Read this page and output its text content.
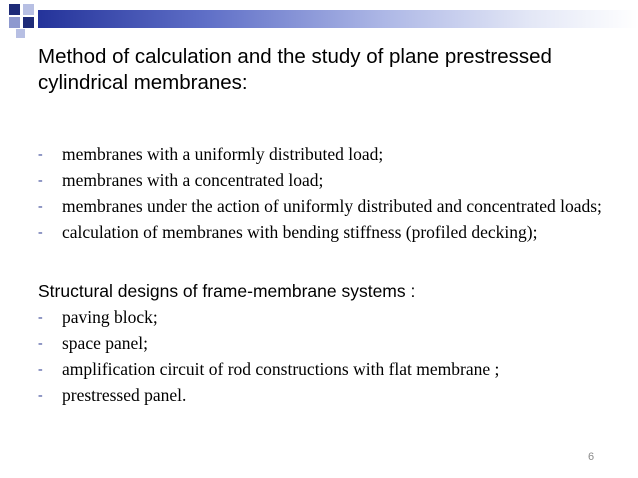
Method of calculation and the study of plane prestressed cylindrical membranes:
-	membranes with a uniformly distributed load;
-	membranes with a concentrated load;
-	membranes under the action of uniformly distributed and concentrated loads;
-	calculation of membranes with bending stiffness (profiled decking);
Structural designs of frame-membrane systems :
-	paving block;
-	space panel;
-	amplification circuit of rod constructions with flat membrane ;
-	prestressed panel.
6
